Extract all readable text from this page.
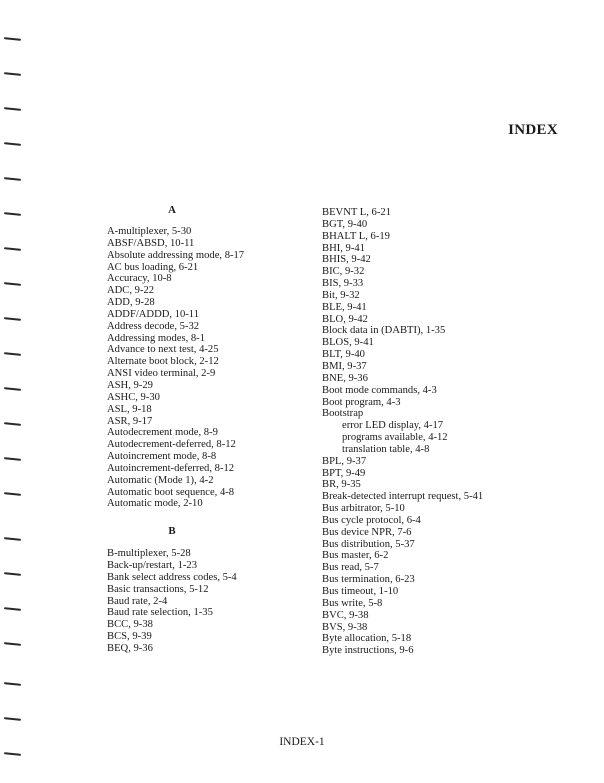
INDEX
A
A-multiplexer, 5-30
ABSF/ABSD, 10-11
Absolute addressing mode, 8-17
AC bus loading, 6-21
Accuracy, 10-8
ADC, 9-22
ADD, 9-28
ADDF/ADDD, 10-11
Address decode, 5-32
Addressing modes, 8-1
Advance to next test, 4-25
Alternate boot block, 2-12
ANSI video terminal, 2-9
ASH, 9-29
ASHC, 9-30
ASL, 9-18
ASR, 9-17
Autodecrement mode, 8-9
Autodecrement-deferred, 8-12
Autoincrement mode, 8-8
Autoincrement-deferred, 8-12
Automatic (Mode 1), 4-2
Automatic boot sequence, 4-8
Automatic mode, 2-10
B
B-multiplexer, 5-28
Back-up/restart, 1-23
Bank select address codes, 5-4
Basic transactions, 5-12
Baud rate, 2-4
Baud rate selection, 1-35
BCC, 9-38
BCS, 9-39
BEQ, 9-36
BEVNT L, 6-21
BGT, 9-40
BHALT L, 6-19
BHI, 9-41
BHIS, 9-42
BIC, 9-32
BIS, 9-33
Bit, 9-32
BLE, 9-41
BLO, 9-42
Block data in (DABTI), 1-35
BLOS, 9-41
BLT, 9-40
BMI, 9-37
BNE, 9-36
Boot mode commands, 4-3
Boot program, 4-3
Bootstrap
error LED display, 4-17
programs available, 4-12
translation table, 4-8
BPL, 9-37
BPT, 9-49
BR, 9-35
Break-detected interrupt request, 5-41
Bus arbitrator, 5-10
Bus cycle protocol, 6-4
Bus device NPR, 7-6
Bus distribution, 5-37
Bus master, 6-2
Bus read, 5-7
Bus termination, 6-23
Bus timeout, 1-10
Bus write, 5-8
BVC, 9-38
BVS, 9-38
Byte allocation, 5-18
Byte instructions, 9-6
INDEX-1
